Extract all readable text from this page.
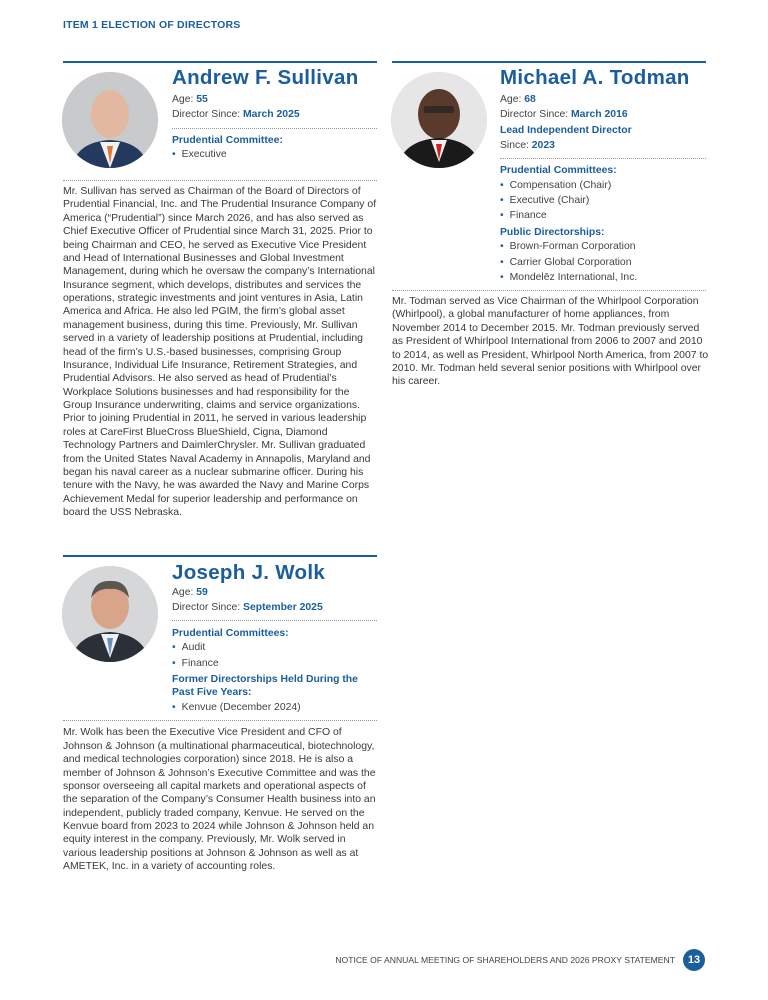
ITEM 1 ELECTION OF DIRECTORS
Andrew F. Sullivan
Age: 55
Director Since: March 2025
Prudential Committee:
• Executive
Mr. Sullivan has served as Chairman of the Board of Directors of Prudential Financial, Inc. and The Prudential Insurance Company of America (“Prudential”) since March 2026, and has also served as Chief Executive Officer of Prudential since March 31, 2025. Prior to being Chairman and CEO, he served as Executive Vice President and Head of International Businesses and Global Investment Management, during which he oversaw the company’s International Insurance segment, which develops, distributes and services the operations, strategic investments and joint ventures in Asia, Latin America and Africa. He also led PGIM, the firm’s global asset management business, during this time. Previously, Mr. Sullivan served in a variety of leadership positions at Prudential, including head of the firm’s U.S.-based businesses, comprising Group Insurance, Individual Life Insurance, Retirement Strategies, and Prudential Advisors. He also served as head of Prudential’s Workplace Solutions businesses and had responsibility for the Group Insurance underwriting, claims and service organizations. Prior to joining Prudential in 2011, he served in various leadership roles at CareFirst BlueCross BlueShield, Cigna, Diamond Technology Partners and DaimlerChrysler. Mr. Sullivan graduated from the United States Naval Academy in Annapolis, Maryland and began his naval career as a nuclear submarine officer. During his tenure with the Navy, he was awarded the Navy and Marine Corps Achievement Medal for superior leadership and performance on board the USS Nebraska.
Joseph J. Wolk
Age: 59
Director Since: September 2025
Prudential Committees:
• Audit
• Finance
Former Directorships Held During the Past Five Years:
• Kenvue (December 2024)
Mr. Wolk has been the Executive Vice President and CFO of Johnson & Johnson (a multinational pharmaceutical, biotechnology, and medical technologies corporation) since 2018. He is also a member of Johnson & Johnson’s Executive Committee and was the sponsor overseeing all capital markets and operational aspects of the separation of the Company’s Consumer Health business into an independent, publicly traded company, Kenvue. He served on the Kenvue board from 2023 to 2024 while Johnson & Johnson held an equity interest in the company. Previously, Mr. Wolk served in various leadership positions at Johnson & Johnson as well as at AMETEK, Inc. in a variety of accounting roles.
Michael A. Todman
Age: 68
Director Since: March 2016
Lead Independent Director
Since: 2023
Prudential Committees:
• Compensation (Chair)
• Executive (Chair)
• Finance
Public Directorships:
• Brown-Forman Corporation
• Carrier Global Corporation
• Mondelēz International, Inc.
Mr. Todman served as Vice Chairman of the Whirlpool Corporation (Whirlpool), a global manufacturer of home appliances, from November 2014 to December 2015. Mr. Todman previously served as President of Whirlpool International from 2006 to 2007 and 2010 to 2014, as well as President, Whirlpool North America, from 2007 to 2010. Mr. Todman held several senior positions with Whirlpool over his career.
NOTICE OF ANNUAL MEETING OF SHAREHOLDERS AND 2026 PROXY STATEMENT	13
